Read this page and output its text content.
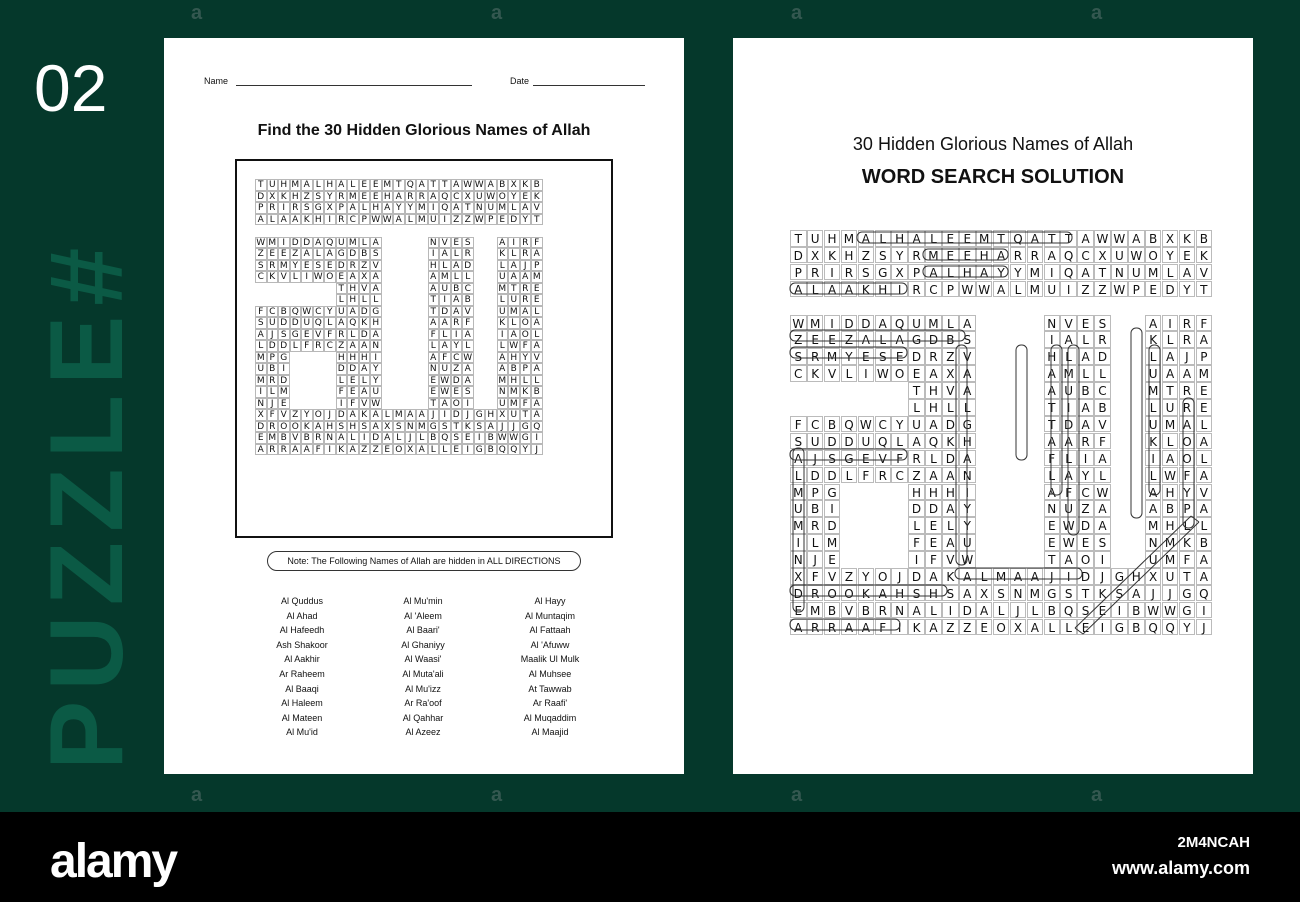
02
PUZZLE#
Name	Date
Find the 30 Hidden Glorious Names of Allah
T U H M A L H A L E E M T Q A T T A W W A B X K B
D X K H Z S Y R M E E H A R R A Q C X U W O Y E K
P R I R S G X P A L H A Y Y M I Q A T N U M L A V
A L A A K H I R C P W W A L M U I Z Z W P E D Y T
W M I D D A Q U M L A	N V E S	A I R F
Z E E Z A L A G D B S	I A L R	K L R A
S R M Y E S E D R Z V	H L A D	L A J P
C K V L I W O E A X A	A M L L	U A A M
T H V A	A U B C	M T R E
L H L L	T I A B	L U R E
F C B Q W C Y U A D G	T D A V	U M A L
S U D D U Q L A Q K H	A A R F	K L O A
A J S G E V F R L D A	F L I A	I A O L
L D D L F R C Z A A N	L A Y L	L W F A
M P G	H H H I	A F C W	A H Y V
U B I	D D A Y	N U Z A	A B P A
M R D	L E L Y	E W D A	M H L L
I L M	F E A U	E W E S	N M K B
N J E	I F V W	T A O I	U M F A
X F V Z Y O J D A K A L M A A J I D J G H X U T A
D R O O K A H S H S A X S N M G S T K S A J J G Q
E M B V B R N A L I D A L J L B Q S E I B W W G I
A R R A A F I K A Z Z E O X A L L E I G B Q Q Y J
Note: The Following Names of Allah are hidden in ALL DIRECTIONS
Al Quddus
Al Ahad
Al Hafeedh
Ash Shakoor
Al Aakhir
Ar Raheem
Al Baaqi
Al Haleem
Al Mateen
Al Mu'id
Al Mu'min
Al 'Aleem
Al Baari'
Al Ghaniyy
Al Waasi'
Al Muta'ali
Al Mu'izz
Ar Ra'oof
Al Qahhar
Al Azeez
Al Hayy
Al Muntaqim
Al Fattaah
Al 'Afuww
Maalik Ul Mulk
Al Muhsee
At Tawwab
Ar Raafi'
Al Muqaddim
Al Maajid
30 Hidden Glorious Names of Allah
WORD SEARCH SOLUTION
T U H M A L H A L E E M T Q A T T A W W A B X K B
D X K H Z S Y R M E E H A R R A Q C X U W O Y E K
P R I R S G X P A L H A Y Y M I Q A T N U M L A V
A L A A K H I R C P W W A L M U I Z Z W P E D Y T
W M I D D A Q U M L A	N V E S	A I R F
Z E E Z A L A G D B S	I A L R	K L R A
S R M Y E S E D R Z V	H L A D	L A J P
C K V L I W O E A X A	A M L L	U A A M
T H V A	A U B C	M T R E
L H L L	T I A B	L U R E
F C B Q W C Y U A D G	T D A V	U M A L
S U D D U Q L A Q K H	A A R F	K L O A
A J S G E V F R L D A	F L I A	I A O L
L D D L F R C Z A A N	L A Y L	L W F A
M P G	H H H I	A F C W	A H Y V
U B I	D D A Y	N U Z A	A B P A
M R D	L E L Y	E W D A	M H L L
I L M	F E A U	E W E S	N M K B
N J E	I F V W	T A O I	U M F A
X F V Z Y O J D A K A L M A A J	I D J G H X U T A
D R O O K A H S H S A X S N M G S T K S A J	J G Q
E M B V B R N A L I D A L J L B Q S E I B W W G I
A R R A A F I K A Z Z E O X A L L E I G B Q Q Y J
a	a	a	a
a	a	a	a
alamy	2M4NCAH
www.alamy.com
